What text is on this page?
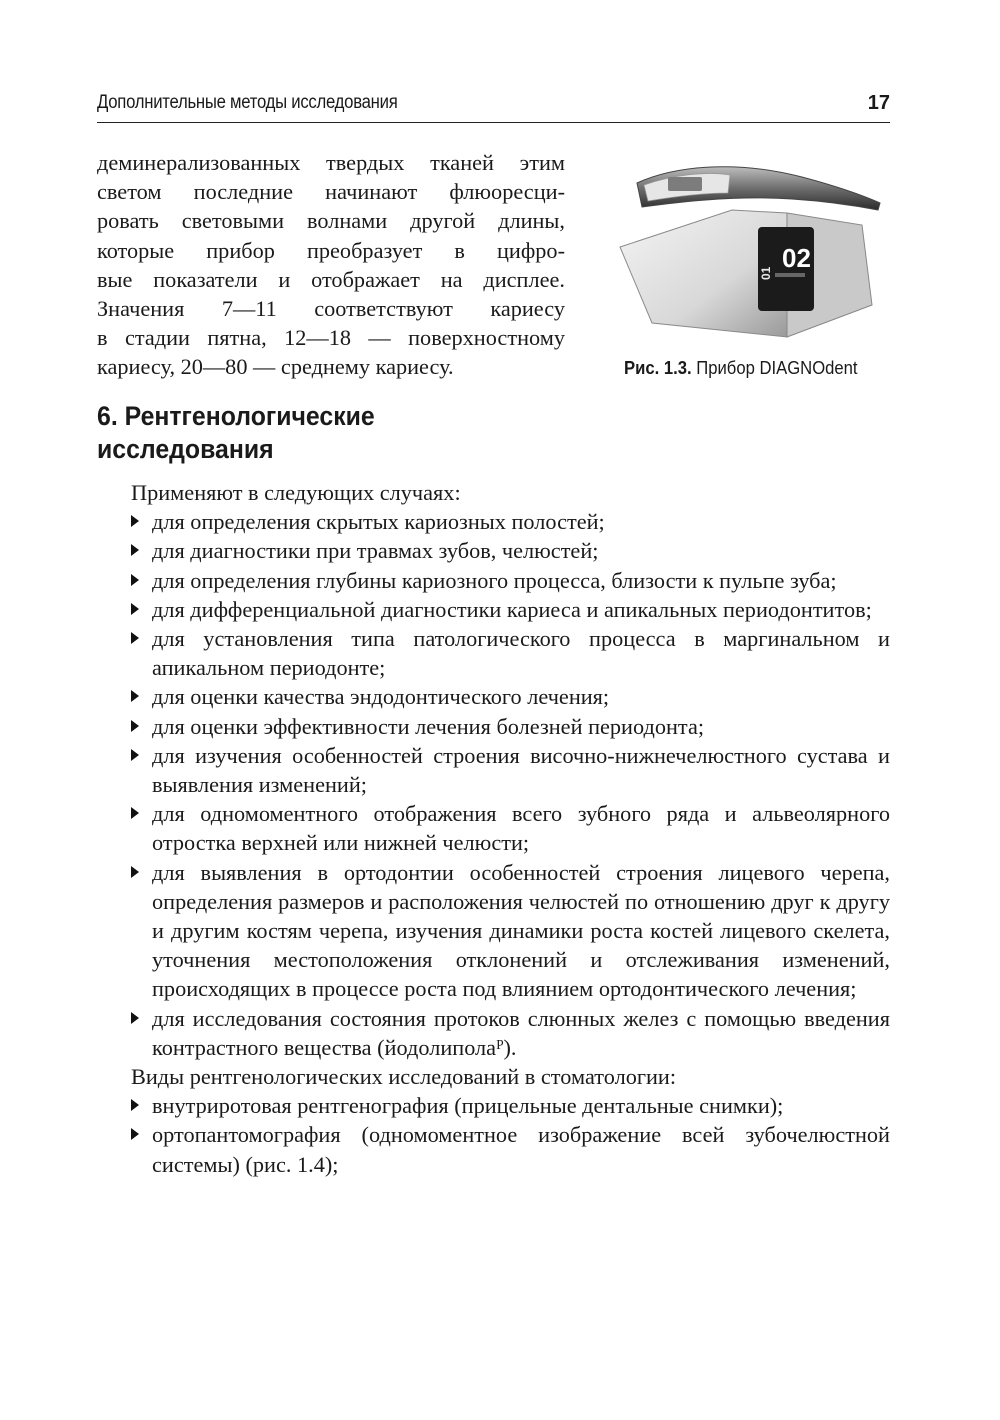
Дополнительные методы исследования	17
деминерализованных твердых тканей этим
светом последние начинают флюоресци-
ровать световыми волнами другой длины,
которые прибор преобразует в цифро-
вые показатели и отображает на дисплее.
Значения 7—11 соответствуют кариесу
в стадии пятна, 12—18 — поверхностному
кариесу, 20—80 — среднему кариесу.
01
02
Рис. 1.3. Прибор DIAGNOdent
6. Рентгенологические
исследования

Применяют в следующих случаях:

для определения скрытых кариозных полостей;
для диагностики при травмах зубов, челюстей;
для определения глубины кариозного процесса, близости к пульпе зуба;
для дифференциальной диагностики кариеса и апикальных периодонтитов;
для установления типа патологического процесса в маргинальном и апикальном периодонте;
для оценки качества эндодонтического лечения;
для оценки эффективности лечения болезней периодонта;
для изучения особенностей строения височно-нижнечелюстного сустава и выявления изменений;
для одномоментного отображения всего зубного ряда и альвеолярного отростка верхней или нижней челюсти;
для выявления в ортодонтии особенностей строения лицевого черепа, определения размеров и расположения челюстей по отношению друг к другу и другим костям черепа, изучения динамики роста костей лицевого скелета, уточнения местоположения отклонений и отслеживания изменений, происходящих в процессе роста под влиянием ортодонтического лечения;
для исследования состояния протоков слюнных желез с помощью введения контрастного вещества (йодолиполаᴾ).

Виды рентгенологических исследований в стоматологии:

внутриротовая рентгенография (прицельные дентальные снимки);
ортопантомография (одномоментное изображение всей зубочелюстной системы) (рис. 1.4);
